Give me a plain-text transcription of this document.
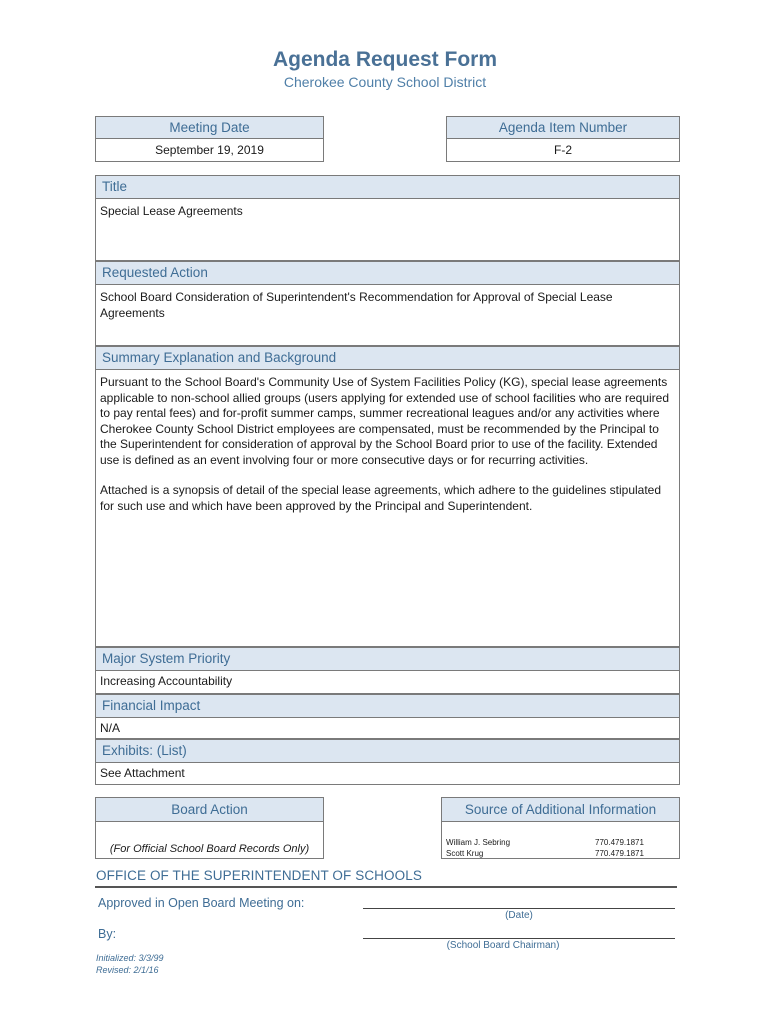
Agenda Request Form
Cherokee County School District
Meeting Date
September 19, 2019
Agenda Item Number
F-2
Title
Special Lease Agreements
Requested Action
School Board Consideration of Superintendent's Recommendation for Approval of Special Lease Agreements
Summary Explanation and Background

Pursuant to the School Board's Community Use of System Facilities Policy (KG), special lease agreements applicable to non-school allied groups (users applying for extended use of school facilities who are required to pay rental fees) and for-profit summer camps, summer recreational leagues and/or any activities where Cherokee County School District employees are compensated, must be recommended by the Principal to the Superintendent for consideration of approval by the School Board prior to use of the facility. Extended use is defined as an event involving four or more consecutive days or for recurring activities.

Attached is a synopsis of detail of the special lease agreements, which adhere to the guidelines stipulated for such use and which have been approved by the Principal and Superintendent.

Major System Priority
Increasing Accountability
Financial Impact
N/A
Exhibits: (List)
See Attachment
Board Action
(For Official School Board Records Only)
Source of Additional Information
William J. Sebring	770.479.1871
Scott Krug	770.479.1871
OFFICE OF THE SUPERINTENDENT OF SCHOOLS
Approved in Open Board Meeting on:
(Date)
By:
(School Board Chairman)
Initialized: 3/3/99
Revised: 2/1/16
